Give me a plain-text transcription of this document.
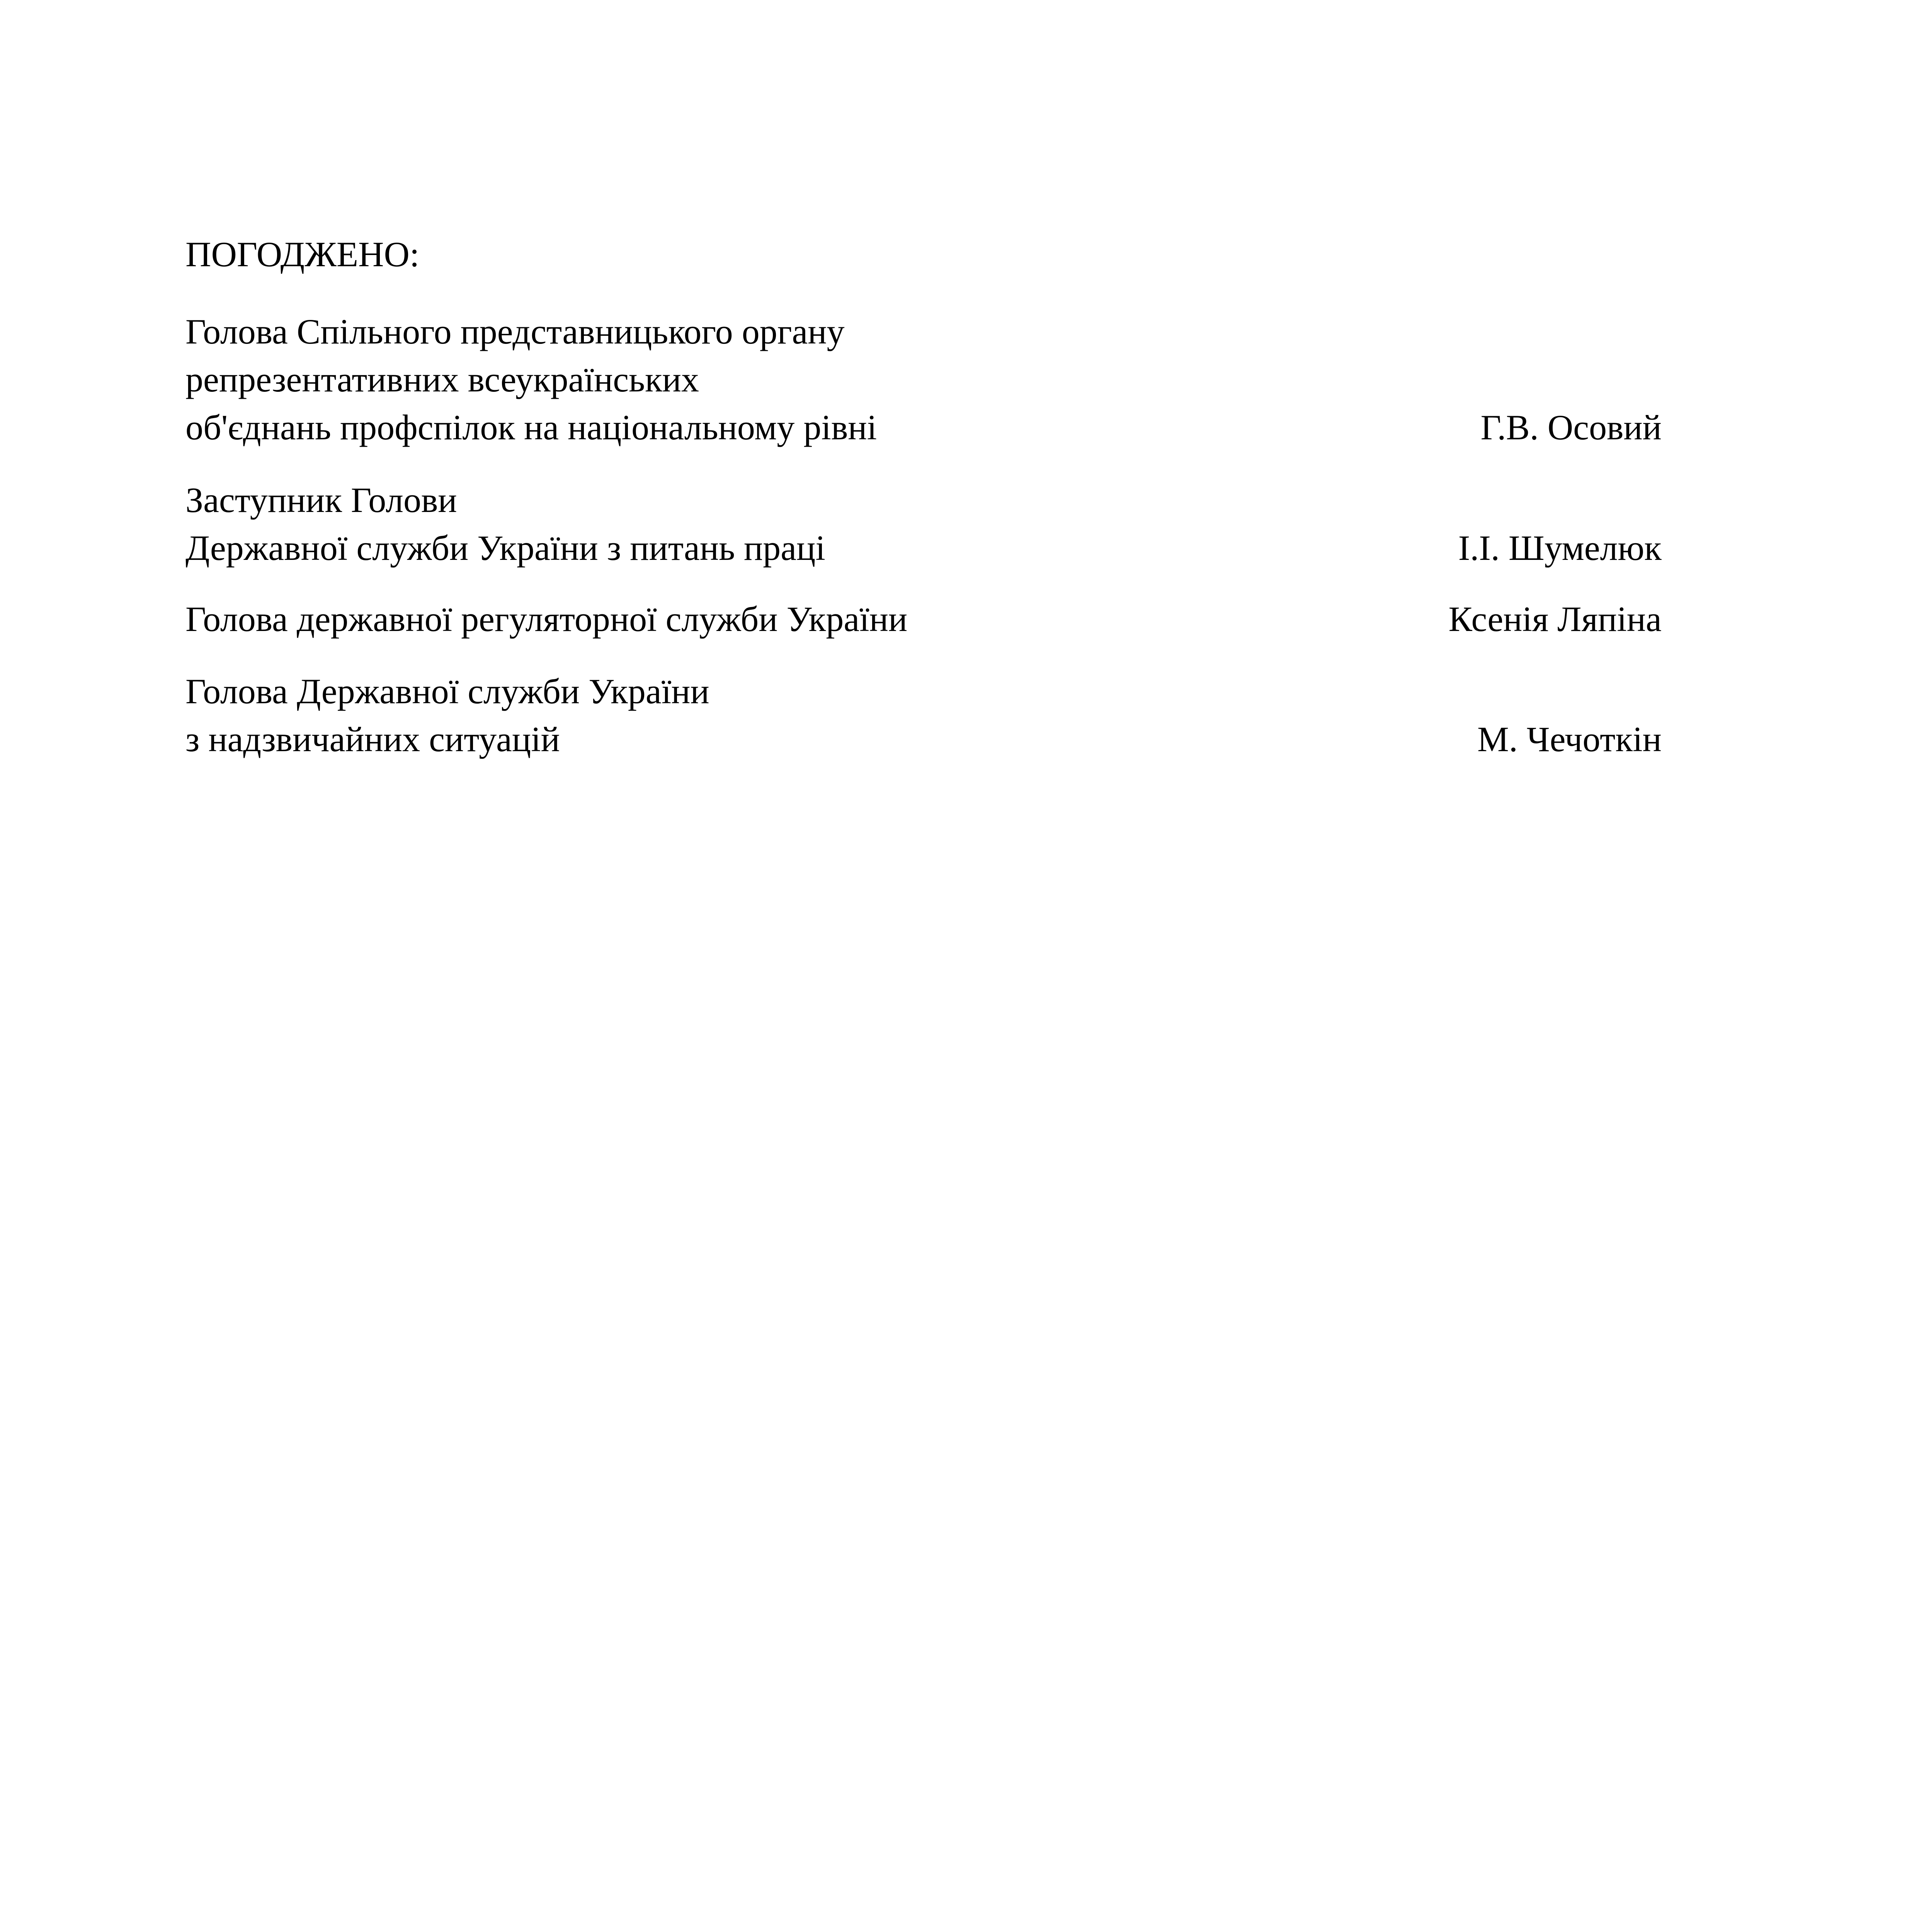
ПОГОДЖЕНО:
Голова Спільного представницького органу
репрезентативних всеукраїнських
об'єднань профспілок на національному рівні	Г.В. Осовий
Заступник Голови
Державної служби України з питань праці	І.І. Шумелюк
Голова державної регуляторної служби України	Ксенія Ляпіна
Голова Державної служби України
з надзвичайних ситуацій	М. Чечоткін
